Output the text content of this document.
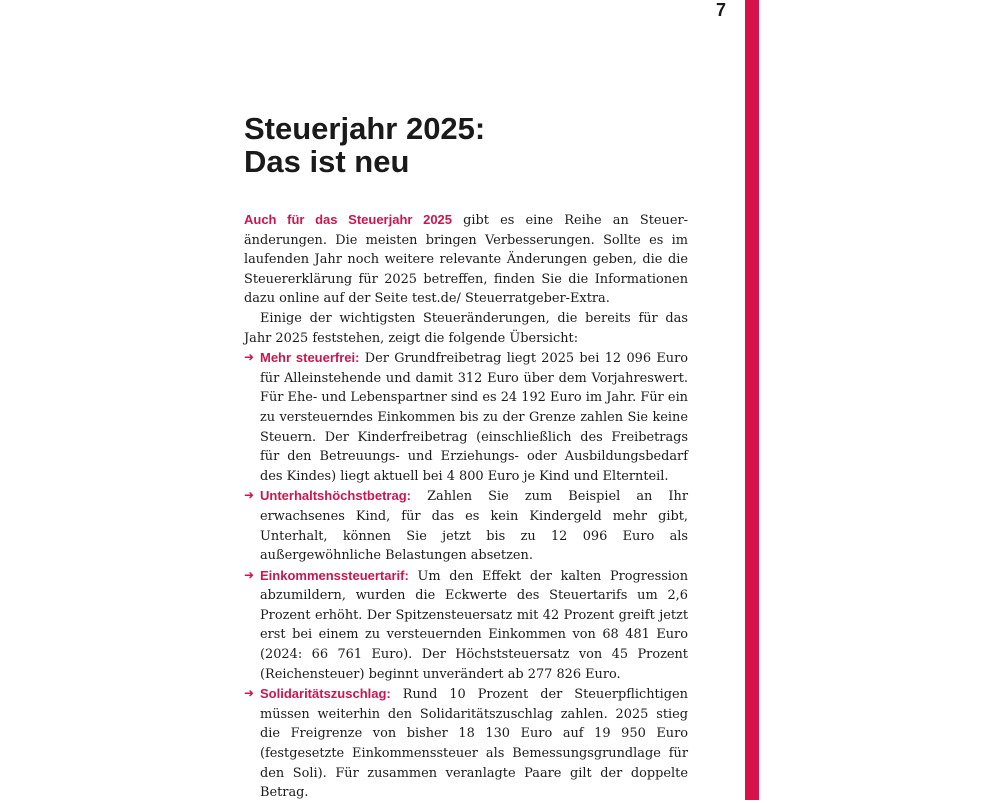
7
Steuerjahr 2025:
Das ist neu

Auch für das Steuerjahr 2025 gibt es eine Reihe an Steueränderungen. Die meisten bringen Verbesserungen. Sollte es im laufenden Jahr noch weitere relevante Änderungen geben, die die Steuererklärung für 2025 betreffen, finden Sie die Informationen dazu online auf der Seite test.de/ Steuerratgeber-Extra.

Einige der wichtigsten Steueränderungen, die bereits für das Jahr 2025 feststehen, zeigt die folgende Übersicht:

➜ Mehr steuerfrei: Der Grundfreibetrag liegt 2025 bei 12 096 Euro für Alleinstehende und damit 312 Euro über dem Vorjahreswert. Für Ehe- und Lebenspartner sind es 24 192 Euro im Jahr. Für ein zu versteuerndes Einkommen bis zu der Grenze zahlen Sie keine Steuern. Der Kinderfreibetrag (einschließlich des Freibetrags für den Betreuungs- und Erziehungs- oder Ausbildungsbedarf des Kindes) liegt aktuell bei 4 800 Euro je Kind und Elternteil.

➜ Unterhaltshöchstbetrag: Zahlen Sie zum Beispiel an Ihr erwachsenes Kind, für das es kein Kindergeld mehr gibt, Unterhalt, können Sie jetzt bis zu 12 096 Euro als außergewöhnliche Belastungen absetzen.

➜ Einkommenssteuertarif: Um den Effekt der kalten Progression abzumildern, wurden die Eckwerte des Steuertarifs um 2,6 Prozent erhöht. Der Spitzensteuersatz mit 42 Prozent greift jetzt erst bei einem zu versteuernden Einkommen von 68 481 Euro (2024: 66 761 Euro). Der Höchststeuersatz von 45 Prozent (Reichensteuer) beginnt unverändert ab 277 826 Euro.

➜ Solidaritätszuschlag: Rund 10 Prozent der Steuerpflichtigen müssen weiterhin den Solidaritätszuschlag zahlen. 2025 stieg die Freigrenze von bisher 18 130 Euro auf 19 950 Euro (festgesetzte Einkommenssteuer als Bemessungsgrundlage für den Soli). Für zusammen veranlagte Paare gilt der doppelte Betrag.
